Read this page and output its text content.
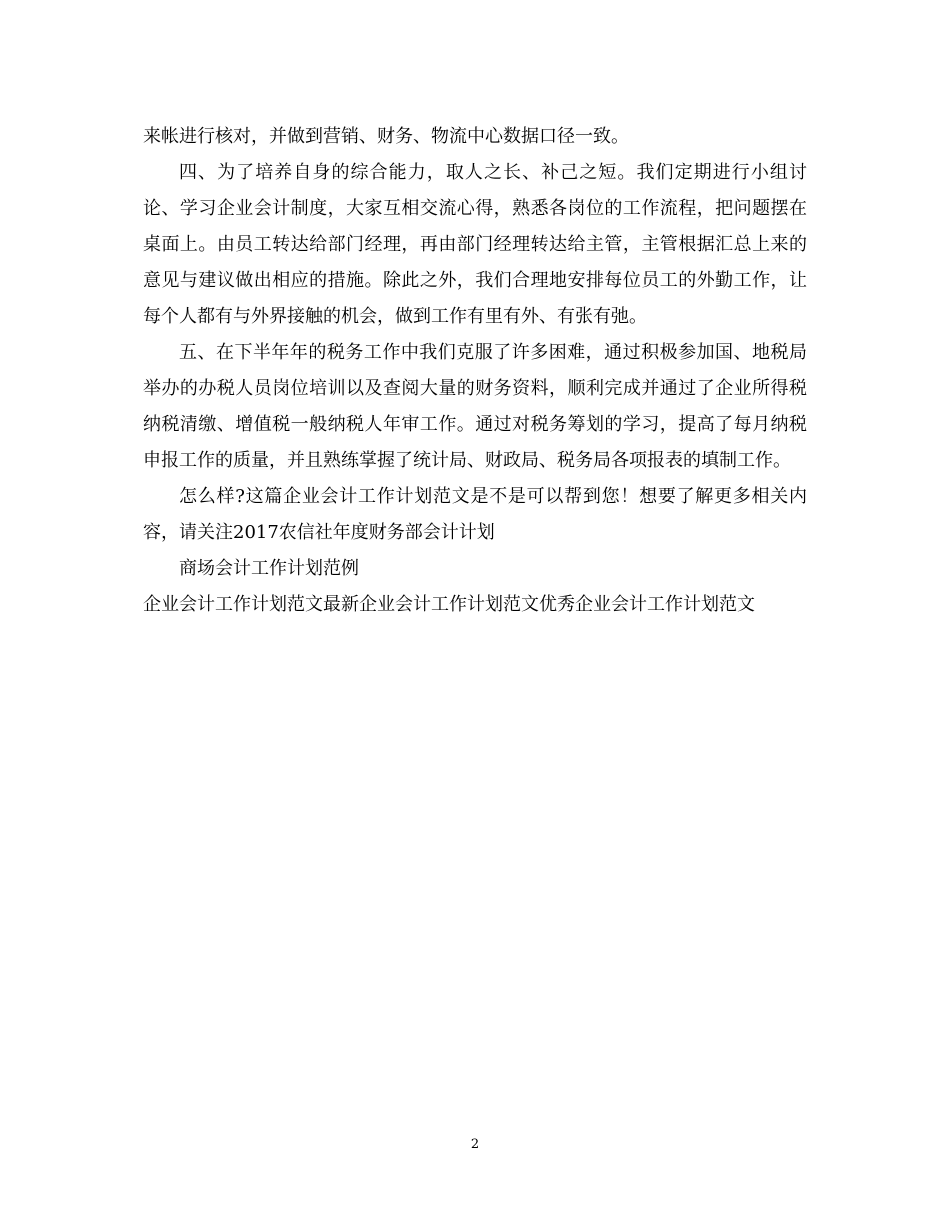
来帐进行核对，并做到营销、财务、物流中心数据口径一致。

四、为了培养自身的综合能力，取人之长、补己之短。我们定期进行小组讨论、学习企业会计制度，大家互相交流心得，熟悉各岗位的工作流程，把问题摆在桌面上。由员工转达给部门经理，再由部门经理转达给主管，主管根据汇总上来的意见与建议做出相应的措施。除此之外，我们合理地安排每位员工的外勤工作，让每个人都有与外界接触的机会，做到工作有里有外、有张有弛。

五、在下半年年的税务工作中我们克服了许多困难，通过积极参加国、地税局举办的办税人员岗位培训以及查阅大量的财务资料，顺利完成并通过了企业所得税纳税清缴、增值税一般纳税人年审工作。通过对税务筹划的学习，提高了每月纳税申报工作的质量，并且熟练掌握了统计局、财政局、税务局各项报表的填制工作。

怎么样?这篇企业会计工作计划范文是不是可以帮到您！想要了解更多相关内容，请关注2017农信社年度财务部会计计划

商场会计工作计划范例

企业会计工作计划范文最新企业会计工作计划范文优秀企业会计工作计划范文

2
